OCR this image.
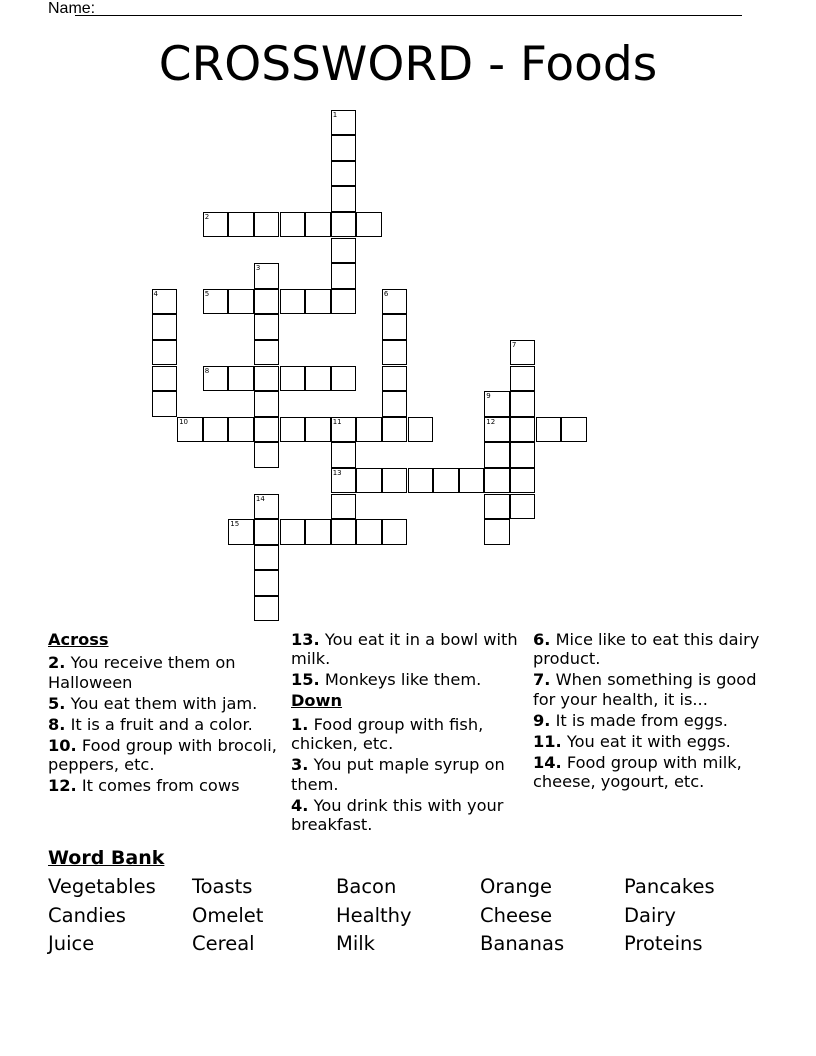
Name:
CROSSWORD - Foods
1
2
3
4	5	6
7
8
9
10	11	12
13
14
15
Across
2. You receive them on Halloween
5. You eat them with jam.
8. It is a fruit and a color.
10. Food group with brocoli, peppers, etc.
12. It comes from cows
13. You eat it in a bowl with milk.
15. Monkeys like them.
Down
1. Food group with fish, chicken, etc.
3. You put maple syrup on them.
4. You drink this with your breakfast.
6. Mice like to eat this dairy product.
7. When something is good for your health, it is...
9. It is made from eggs.
11. You eat it with eggs.
14. Food group with milk, cheese, yogourt, etc.
Word Bank
Vegetables	Toasts	Bacon	Orange	Pancakes
Candies	Omelet	Healthy	Cheese	Dairy
Juice	Cereal	Milk	Bananas	Proteins
